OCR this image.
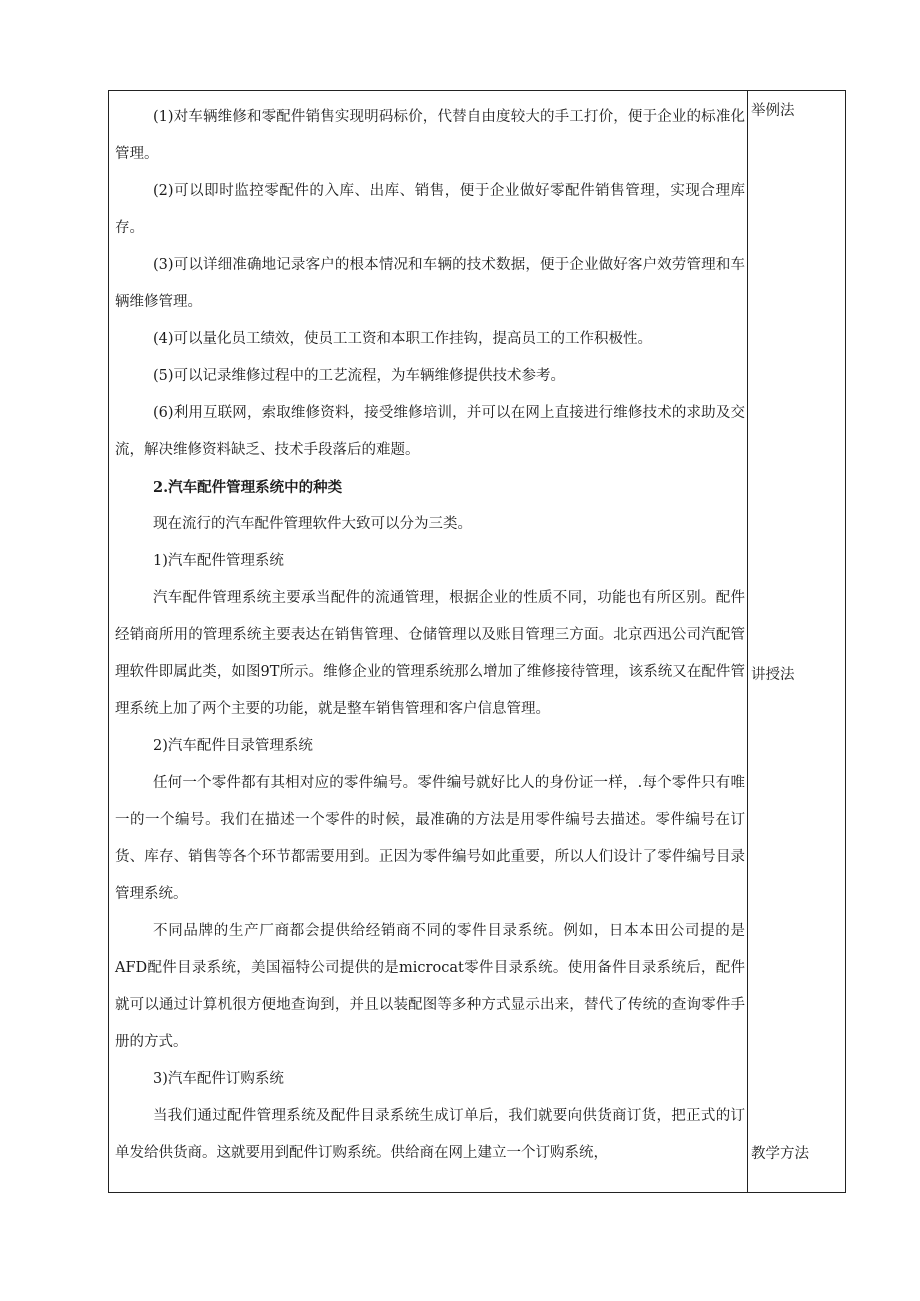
(1)对车辆维修和零配件销售实现明码标价，代替自由度较大的手工打价，便于企业的标准化管理。

(2)可以即时监控零配件的入库、出库、销售，便于企业做好零配件销售管理，实现合理库存。

(3)可以详细准确地记录客户的根本情况和车辆的技术数据，便于企业做好客户效劳管理和车辆维修管理。

(4)可以量化员工绩效，使员工工资和本职工作挂钩，提高员工的工作积极性。

(5)可以记录维修过程中的工艺流程，为车辆维修提供技术参考。

(6)利用互联网，索取维修资料，接受维修培训，并可以在网上直接进行维修技术的求助及交流，解决维修资料缺乏、技术手段落后的难题。

2.汽车配件管理系统中的种类

现在流行的汽车配件管理软件大致可以分为三类。

1)汽车配件管理系统

汽车配件管理系统主要承当配件的流通管理，根据企业的性质不同，功能也有所区别。配件经销商所用的管理系统主要表达在销售管理、仓储管理以及账目管理三方面。北京西迅公司汽配管理软件即属此类，如图9T所示。维修企业的管理系统那么增加了维修接待管理，该系统又在配件管理系统上加了两个主要的功能，就是整车销售管理和客户信息管理。

2)汽车配件目录管理系统

任何一个零件都有其相对应的零件编号。零件编号就好比人的身份证一样，.每个零件只有唯一的一个编号。我们在描述一个零件的时候，最准确的方法是用零件编号去描述。零件编号在订货、库存、销售等各个环节都需要用到。正因为零件编号如此重要，所以人们设计了零件编号目录管理系统。

不同品牌的生产厂商都会提供给经销商不同的零件目录系统。例如，日本本田公司提的是AFD配件目录系统，美国福特公司提供的是microcat零件目录系统。使用备件目录系统后，配件就可以通过计算机很方便地查询到，并且以装配图等多种方式显示出来，替代了传统的查询零件手册的方式。

3)汽车配件订购系统

当我们通过配件管理系统及配件目录系统生成订单后，我们就要向供货商订货，把正式的订单发给供货商。这就要用到配件订购系统。供给商在网上建立一个订购系统，

举例法
讲授法
教学方法
